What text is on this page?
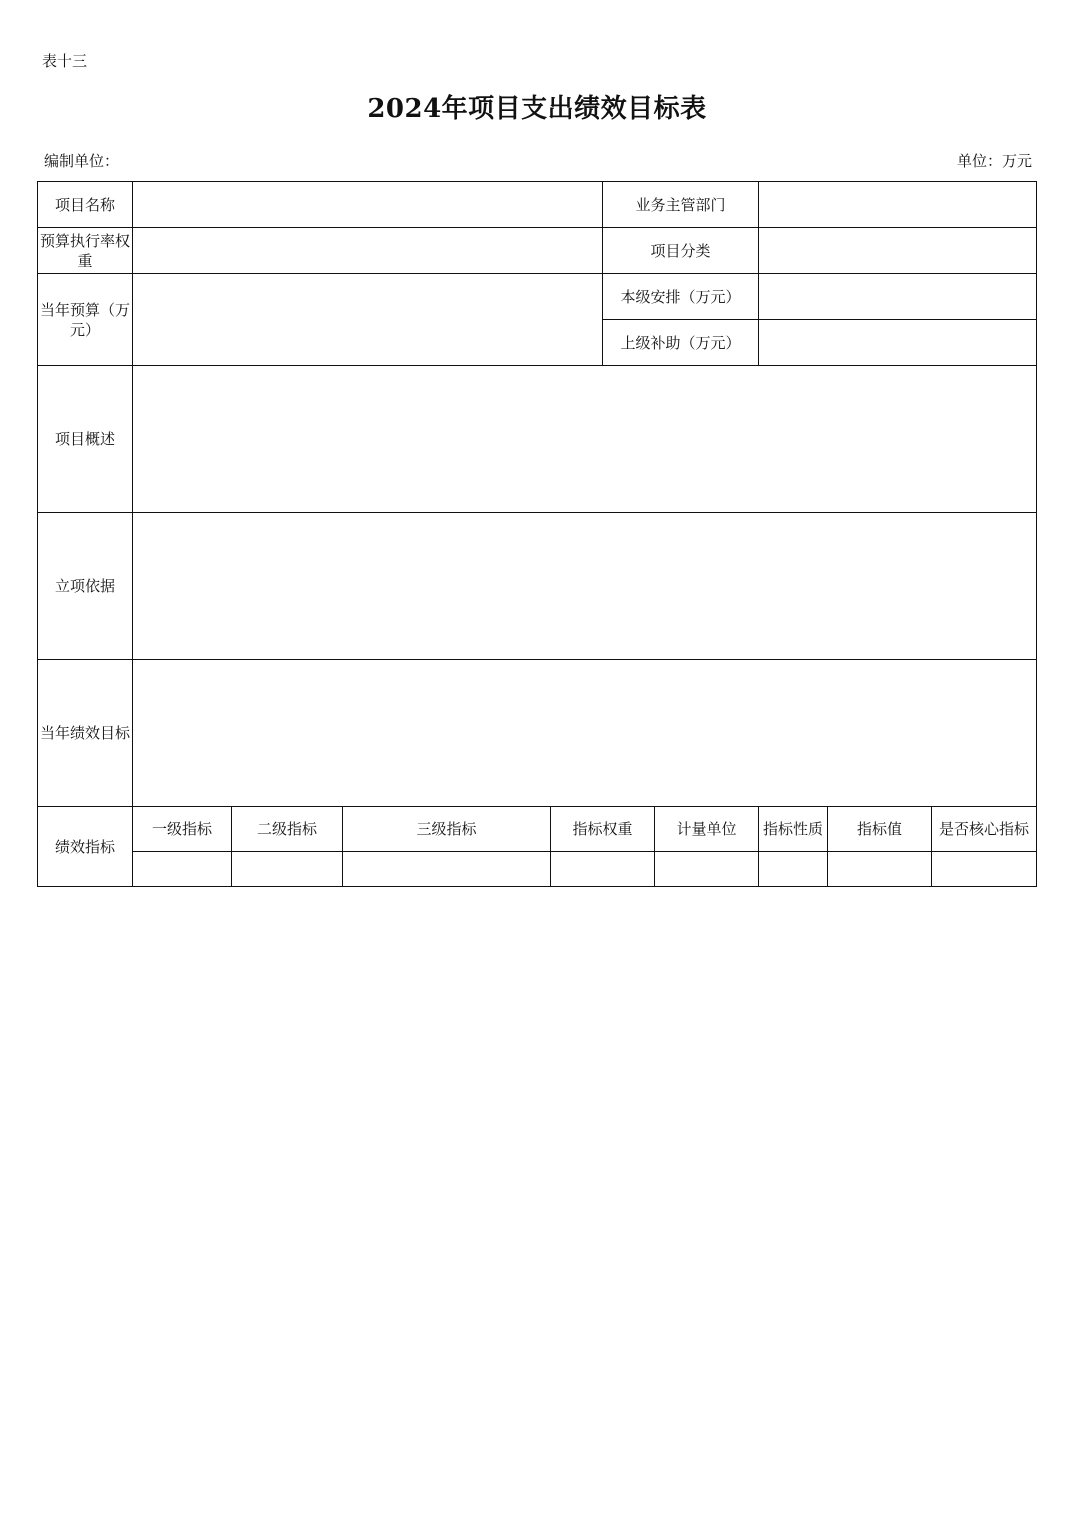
表十三
2024年项目支出绩效目标表
编制单位：	单位：万元
项目名称					业务主管部门				
预算执行率权重					项目分类				
当年预算（万元）					本级安排（万元）				
					上级补助（万元）				
项目概述									
立项依据									
当年绩效目标									
绩效指标	一级指标	二级指标	三级指标	指标权重		计量单位	指标性质	指标值	是否核心指标
